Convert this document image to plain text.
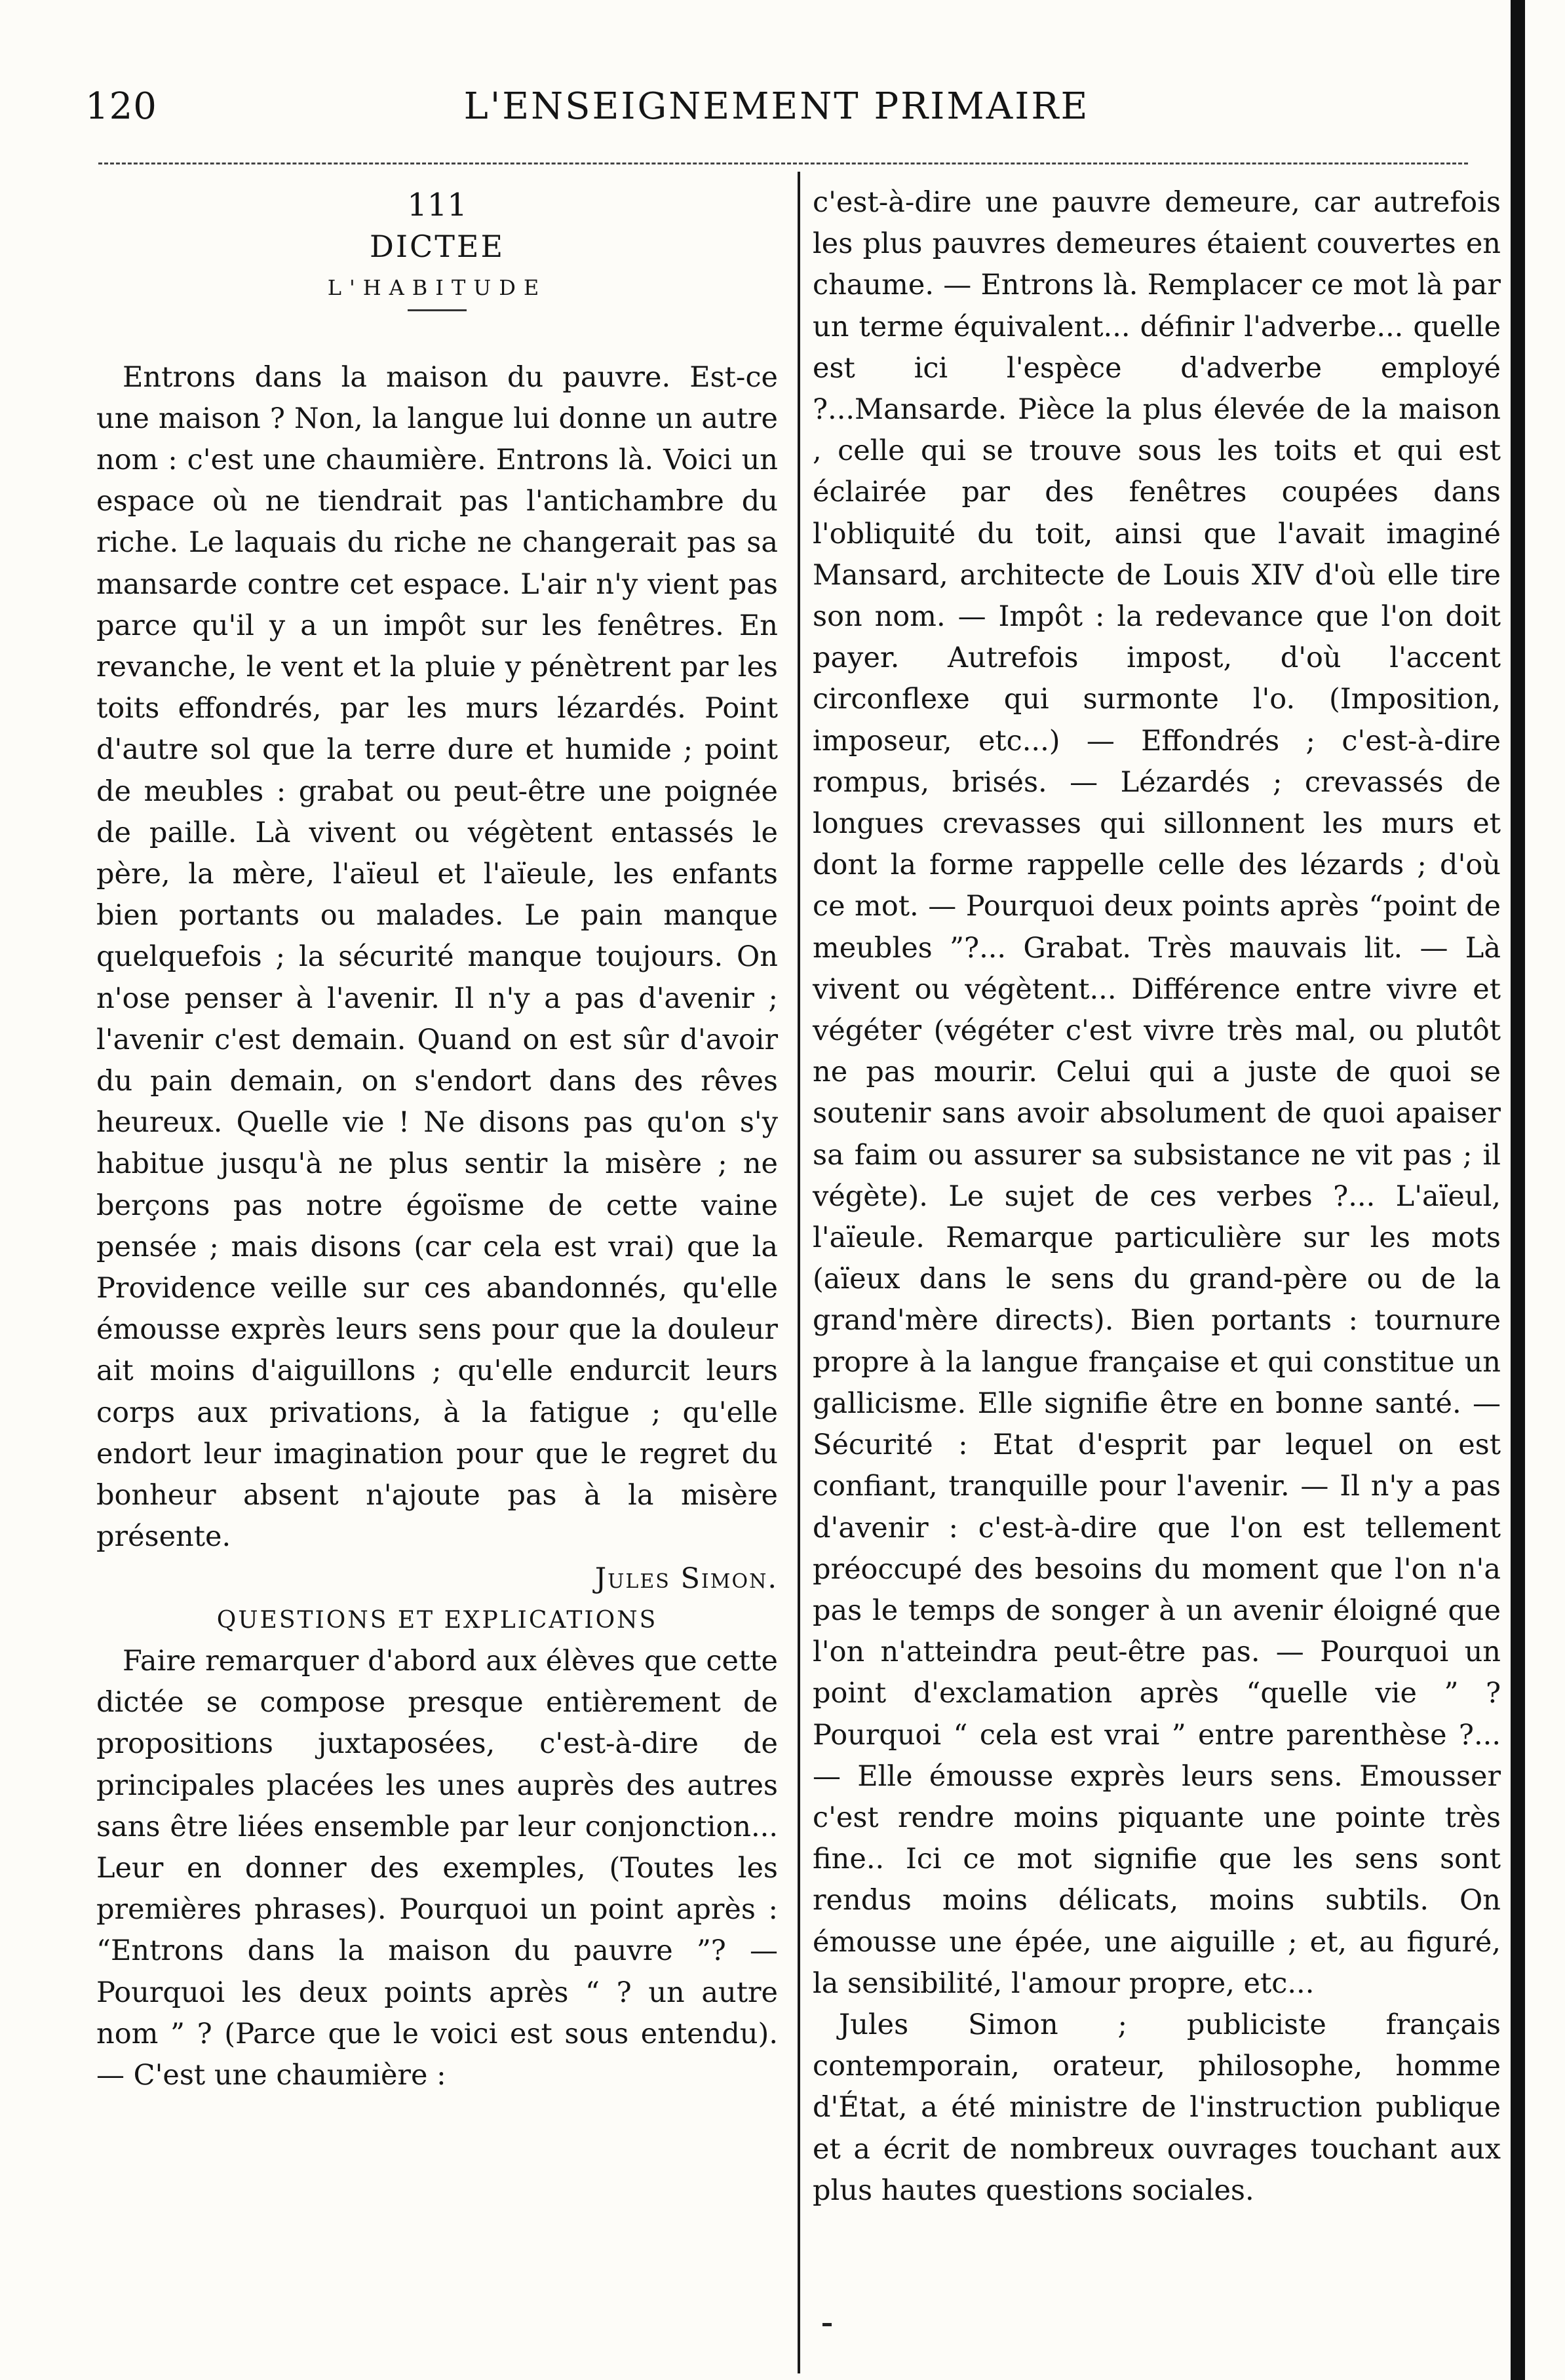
120	L'ENSEIGNEMENT PRIMAIRE

111

DICTEE

L'HABITUDE

Entrons dans la maison du pauvre. Est-ce une maison ? Non, la langue lui donne un autre nom : c'est une chaumière. Entrons là. Voici un espace où ne tiendrait pas l'antichambre du riche. Le laquais du riche ne changerait pas sa mansarde contre cet espace. L'air n'y vient pas parce qu'il y a un impôt sur les fenêtres. En revanche, le vent et la pluie y pénètrent par les toits effondrés, par les murs lézardés. Point d'autre sol que la terre dure et humide ; point de meubles : grabat ou peut-être une poignée de paille. Là vivent ou végètent entassés le père, la mère, l'aïeul et l'aïeule, les enfants bien portants ou malades. Le pain manque quelquefois ; la sécurité manque toujours. On n'ose penser à l'avenir. Il n'y a pas d'avenir ; l'avenir c'est demain. Quand on est sûr d'avoir du pain demain, on s'endort dans des rêves heureux. Quelle vie ! Ne disons pas qu'on s'y habitue jusqu'à ne plus sentir la misère ; ne berçons pas notre égoïsme de cette vaine pensée ; mais disons (car cela est vrai) que la Providence veille sur ces abandonnés, qu'elle émousse exprès leurs sens pour que la douleur ait moins d'aiguillons ; qu'elle endurcit leurs corps aux privations, à la fatigue ; qu'elle endort leur imagination pour que le regret du bonheur absent n'ajoute pas à la misère présente.

Jules Simon.

QUESTIONS ET EXPLICATIONS

Faire remarquer d'abord aux élèves que cette dictée se compose presque entièrement de propositions juxtaposées, c'est-à-dire de principales placées les unes auprès des autres sans être liées ensemble par leur conjonction... Leur en donner des exemples, (Toutes les premières phrases). Pourquoi un point après : “Entrons dans la maison du pauvre ”? —Pourquoi les deux points après “ ? un autre nom ” ? (Parce que le voici est sous entendu). — C'est une chaumière :

c'est-à-dire une pauvre demeure, car autrefois les plus pauvres demeures étaient couvertes en chaume. — Entrons là. Remplacer ce mot là par un terme équivalent... définir l'adverbe... quelle est ici l'espèce d'adverbe employé ?...Mansarde. Pièce la plus élevée de la maison , celle qui se trouve sous les toits et qui est éclairée par des fenêtres coupées dans l'obliquité du toit, ainsi que l'avait imaginé Mansard, architecte de Louis XIV d'où elle tire son nom. — Impôt : la redevance que l'on doit payer. Autrefois impost, d'où l'accent circonflexe qui surmonte l'o. (Imposition, imposeur, etc...) — Effondrés ; c'est-à-dire rompus, brisés. — Lézardés ; crevassés de longues crevasses qui sillonnent les murs et dont la forme rappelle celle des lézards ; d'où ce mot. — Pourquoi deux points après “point de meubles ”?... Grabat. Très mauvais lit. — Là vivent ou végètent... Différence entre vivre et végéter (végéter c'est vivre très mal, ou plutôt ne pas mourir. Celui qui a juste de quoi se soutenir sans avoir absolument de quoi apaiser sa faim ou assurer sa subsistance ne vit pas ; il végète). Le sujet de ces verbes ?... L'aïeul, l'aïeule. Remarque particulière sur les mots (aïeux dans le sens du grand-père ou de la grand'mère directs). Bien portants : tournure propre à la langue française et qui constitue un gallicisme. Elle signifie être en bonne santé. — Sécurité : Etat d'esprit par lequel on est confiant, tranquille pour l'avenir. — Il n'y a pas d'avenir : c'est-à-dire que l'on est tellement préoccupé des besoins du moment que l'on n'a pas le temps de songer à un avenir éloigné que l'on n'atteindra peut-être pas. — Pourquoi un point d'exclamation après “quelle vie ” ? Pourquoi “ cela est vrai ” entre parenthèse ?... — Elle émousse exprès leurs sens. Emousser c'est rendre moins piquante une pointe très fine.. Ici ce mot signifie que les sens sont rendus moins délicats, moins subtils. On émousse une épée, une aiguille ; et, au figuré, la sensibilité, l'amour propre, etc...

Jules Simon ; publiciste français contemporain, orateur, philosophe, homme d'État, a été ministre de l'instruction publique et a écrit de nombreux ouvrages touchant aux plus hautes questions sociales.
